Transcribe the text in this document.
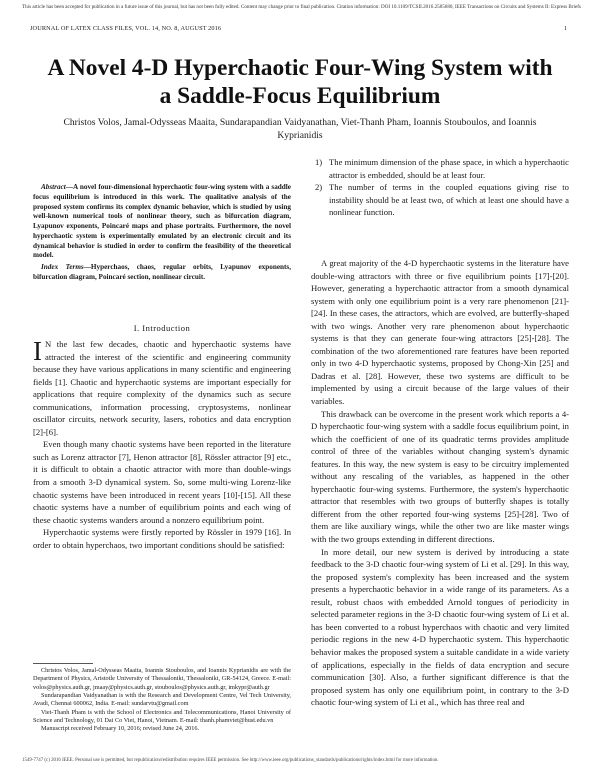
This article has been accepted for publication in a future issue of this journal, but has not been fully edited. Content may change prior to final publication. Citation information: DOI 10.1109/TCSII.2016.2585680, IEEE Transactions on Circuits and Systems II: Express Briefs
JOURNAL OF LATEX CLASS FILES, VOL. 14, NO. 8, AUGUST 2016	1
A Novel 4-D Hyperchaotic Four-Wing System with a Saddle-Focus Equilibrium
Christos Volos, Jamal-Odysseas Maaita, Sundarapandian Vaidyanathan, Viet-Thanh Pham, Ioannis Stouboulos, and Ioannis Kyprianidis
Abstract—A novel four-dimensional hyperchaotic four-wing system with a saddle focus equilibrium is introduced in this work. The qualitative analysis of the proposed system confirms its complex dynamic behavior, which is studied by using well-known numerical tools of nonlinear theory, such as bifurcation diagram, Lyapunov exponents, Poincaré maps and phase portraits. Furthermore, the novel hyperchaotic system is experimentally emulated by an electronic circuit and its dynamical behavior is studied in order to confirm the feasibility of the theoretical model.
Index Terms—Hyperchaos, chaos, regular orbits, Lyapunov exponents, bifurcation diagram, Poincaré section, nonlinear circuit.
I. Introduction

I N the last few decades, chaotic and hyperchaotic systems have attracted the interest of the scientific and engineering community because they have various applications in many scientific and engineering fields [1]. Chaotic and hyperchaotic systems are important especially for applications that require complexity of the dynamics such as secure communications, information processing, cryptosystems, nonlinear oscillator circuits, network security, lasers, robotics and data encryption [2]-[6].

Even though many chaotic systems have been reported in the literature such as Lorenz attractor [7], Henon attractor [8], Rössler attractor [9] etc., it is difficult to obtain a chaotic attractor with more than double-wings from a smooth 3-D dynamical system. So, some multi-wing Lorenz-like chaotic systems have been introduced in recent years [10]-[15]. All these chaotic systems have a number of equilibrium points and each wing of these chaotic systems wanders around a nonzero equilibrium point.

Hyperchaotic systems were firstly reported by Rössler in 1979 [16]. In order to obtain hyperchaos, two important conditions should be satisfied:

Christos Volos, Jamal-Odysseas Maaita, Ioannis Stouboulos, and Ioannis Kyprianidis are with the Department of Physics, Aristotle University of Thessaloniki, Thessaloniki, GR-54124, Greece. E-mail: volos@physics.auth.gr, jmaay@physics.auth.gr, stouboulos@physics.auth.gr, imkypr@auth.gr

Sundarapandian Vaidyanathan is with the Research and Development Centre, Vel Tech University, Avadi, Chennai 600062, India. E-mail: sundarvtu@gmail.com

Viet-Thanh Pham is with the School of Electronics and Telecommunications, Hanoi University of Science and Technology, 01 Dai Co Viet, Hanoi, Vietnam. E-mail: thanh.phamviet@hust.edu.vn

Manuscript received February 10, 2016; revised June 24, 2016.

1) The minimum dimension of the phase space, in which a hyperchaotic attractor is embedded, should be at least four.
2) The number of terms in the coupled equations giving rise to instability should be at least two, of which at least one should have a nonlinear function.

A great majority of the 4-D hyperchaotic systems in the literature have double-wing attractors with three or five equilibrium points [17]-[20]. However, generating a hyperchaotic attractor from a smooth dynamical system with only one equilibrium point is a very rare phenomenon [21]-[24]. In these cases, the attractors, which are evolved, are butterfly-shaped with two wings. Another very rare phenomenon about hyperchaotic systems is that they can generate four-wing attractors [25]-[28]. The combination of the two aforementioned rare features have been reported only in two 4-D hyperchaotic systems, proposed by Chong-Xin [25] and Dadras et al. [28]. However, these two systems are difficult to be implemented by using a circuit because of the large values of their variables.

This drawback can be overcome in the present work which reports a 4-D hyperchaotic four-wing system with a saddle focus equilibrium point, in which the coefficient of one of its quadratic terms provides amplitude control of three of the variables without changing system's dynamic features. In this way, the new system is easy to be circuitry implemented without any rescaling of the variables, as happened in the other hyperchaotic four-wing systems. Furthermore, the system's hyperchaotic attractor that resembles with two groups of butterfly shapes is totally different from the other reported four-wing systems [25]-[28]. Two of them are like auxiliary wings, while the other two are like master wings with the two groups extending in different directions.

In more detail, our new system is derived by introducing a state feedback to the 3-D chaotic four-wing system of Li et al. [29]. In this way, the proposed system's complexity has been increased and the system presents a hyperchaotic behavior in a wide range of its parameters. As a result, robust chaos with embedded Arnold tongues of periodicity in selected parameter regions in the 3-D chaotic four-wing system of Li et al. has been converted to a robust hyperchaos with chaotic and very limited periodic regions in the new 4-D hyperchaotic system. This hyperchaotic behavior makes the proposed system a suitable candidate in a wide variety of applications, especially in the fields of data encryption and secure communication [30]. Also, a further significant difference is that the proposed system has only one equilibrium point, in contrary to the 3-D chaotic four-wing system of Li et al., which has three real and

1549-7747 (c) 2016 IEEE. Personal use is permitted, but republication/redistribution requires IEEE permission. See http://www.ieee.org/publications_standards/publications/rights/index.html for more information.
